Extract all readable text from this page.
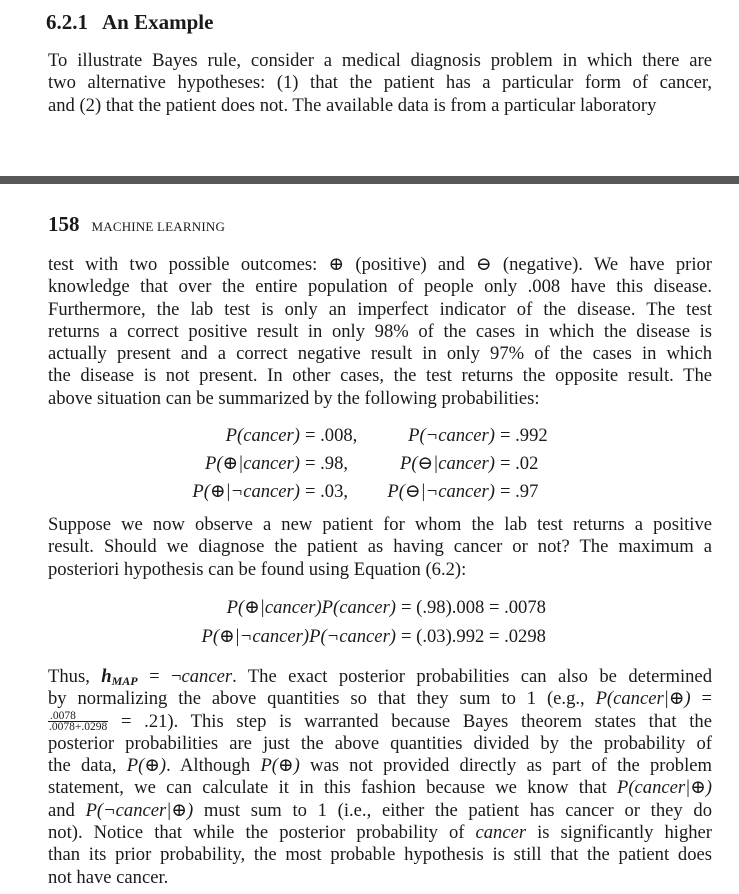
6.2.1 An Example
To illustrate Bayes rule, consider a medical diagnosis problem in which there are
two alternative hypotheses: (1) that the patient has a particular form of cancer,
and (2) that the patient does not. The available data is from a particular laboratory
158 MACHINE LEARNING
test with two possible outcomes: ⊕ (positive) and ⊖ (negative). We have prior
knowledge that over the entire population of people only .008 have this disease.
Furthermore, the lab test is only an imperfect indicator of the disease. The test
returns a correct positive result in only 98% of the cases in which the disease is
actually present and a correct negative result in only 97% of the cases in which
the disease is not present. In other cases, the test returns the opposite result. The
above situation can be summarized by the following probabilities:
P(cancer) = .008,	P(¬cancer) = .992
P(⊕|cancer) = .98,	P(⊖|cancer) = .02
P(⊕|¬cancer) = .03, P(⊖|¬cancer) = .97
Suppose we now observe a new patient for whom the lab test returns a positive
result. Should we diagnose the patient as having cancer or not? The maximum a
posteriori hypothesis can be found using Equation (6.2):
P(⊕|cancer)P(cancer) = (.98).008 = .0078
P(⊕|¬cancer)P(¬cancer) = (.03).992 = .0298
Thus, $h_{MAP}$ = ¬cancer. The exact posterior probabilities can also be determined
by normalizing the above quantities so that they sum to 1 (e.g., P(cancer|⊕) =
$\frac{.0078}{.0078+.0298} = .21$). This step is warranted because Bayes theorem states that the
posterior probabilities are just the above quantities divided by the probability of
the data, P(⊕). Although P(⊕) was not provided directly as part of the problem
statement, we can calculate it in this fashion because we know that P(cancer|⊕)
and P(¬cancer|⊕) must sum to 1 (i.e., either the patient has cancer or they do
not). Notice that while the posterior probability of cancer is significantly higher
than its prior probability, the most probable hypothesis is still that the patient does
not have cancer.
